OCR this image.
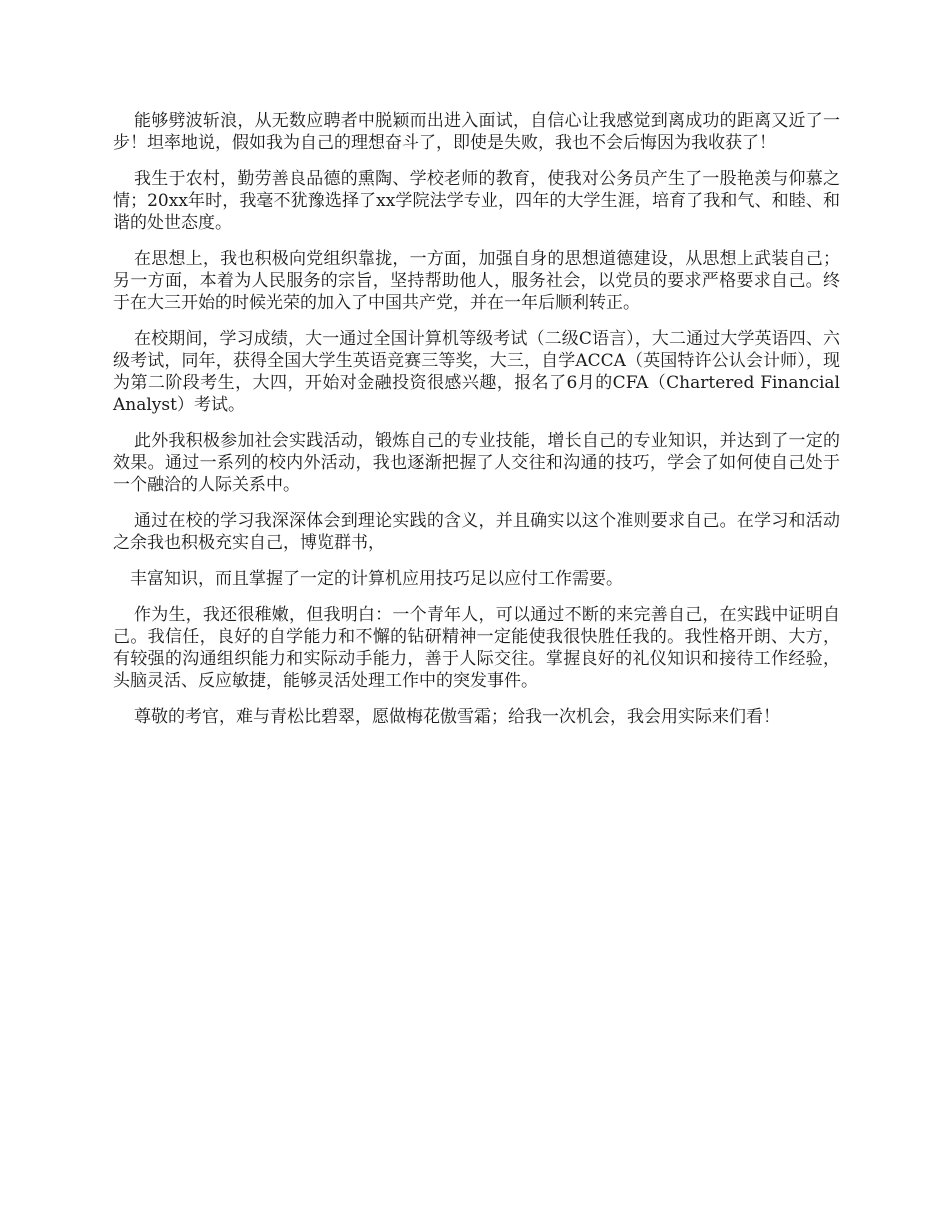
能够劈波斩浪，从无数应聘者中脱颖而出进入面试，自信心让我感觉到离成功的距离又近了一步！坦率地说，假如我为自己的理想奋斗了，即使是失败，我也不会后悔因为我收获了！

我生于农村，勤劳善良品德的熏陶、学校老师的教育，使我对公务员产生了一股艳羡与仰慕之情；20xx年时，我毫不犹豫选择了xx学院法学专业，四年的大学生涯，培育了我和气、和睦、和谐的处世态度。

在思想上，我也积极向党组织靠拢，一方面，加强自身的思想道德建设，从思想上武装自己；另一方面，本着为人民服务的宗旨，坚持帮助他人，服务社会，以党员的要求严格要求自己。终于在大三开始的时候光荣的加入了中国共产党，并在一年后顺利转正。

在校期间，学习成绩，大一通过全国计算机等级考试（二级C语言），大二通过大学英语四、六级考试，同年，获得全国大学生英语竞赛三等奖，大三，自学ACCA（英国特许公认会计师），现为第二阶段考生，大四，开始对金融投资很感兴趣，报名了6月的CFA（Chartered Financial Analyst）考试。

此外我积极参加社会实践活动，锻炼自己的专业技能，增长自己的专业知识，并达到了一定的效果。通过一系列的校内外活动，我也逐渐把握了人交往和沟通的技巧，学会了如何使自己处于一个融洽的人际关系中。

通过在校的学习我深深体会到理论实践的含义，并且确实以这个准则要求自己。在学习和活动之余我也积极充实自己，博览群书，

丰富知识，而且掌握了一定的计算机应用技巧足以应付工作需要。

作为生，我还很稚嫩，但我明白：一个青年人，可以通过不断的来完善自己，在实践中证明自己。我信任，良好的自学能力和不懈的钻研精神一定能使我很快胜任我的。我性格开朗、大方，有较强的沟通组织能力和实际动手能力，善于人际交往。掌握良好的礼仪知识和接待工作经验，头脑灵活、反应敏捷，能够灵活处理工作中的突发事件。

尊敬的考官，难与青松比碧翠，愿做梅花傲雪霜；给我一次机会，我会用实际来们看！
